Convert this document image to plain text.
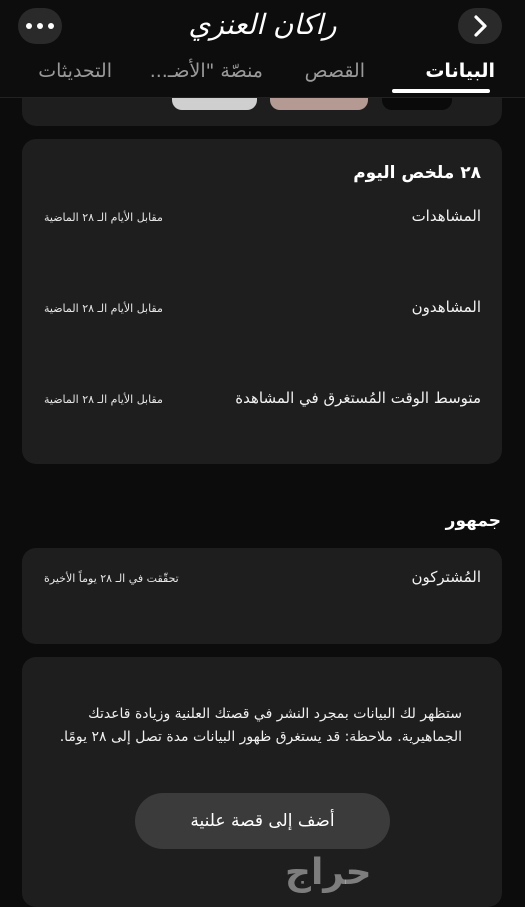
راكان العنزي
البيانات
القصص
منصّة "الأضـ...
التحديثات
٢٨ ملخص اليوم
المشاهدات
مقابل الأيام الـ ٢٨ الماضية
المشاهدون
مقابل الأيام الـ ٢٨ الماضية
متوسط الوقت المُستغرق في المشاهدة
مقابل الأيام الـ ٢٨ الماضية
جمهور
المُشتركون
تحقّقت في الـ ٢٨ يوماً الأخيرة
ستظهر لك البيانات بمجرد النشر في قصتك العلنية وزيادة قاعدتك الجماهيرية. ملاحظة: قد يستغرق ظهور البيانات مدة تصل إلى ٢٨ يومًا.
أضف إلى قصة علنية
حراج
